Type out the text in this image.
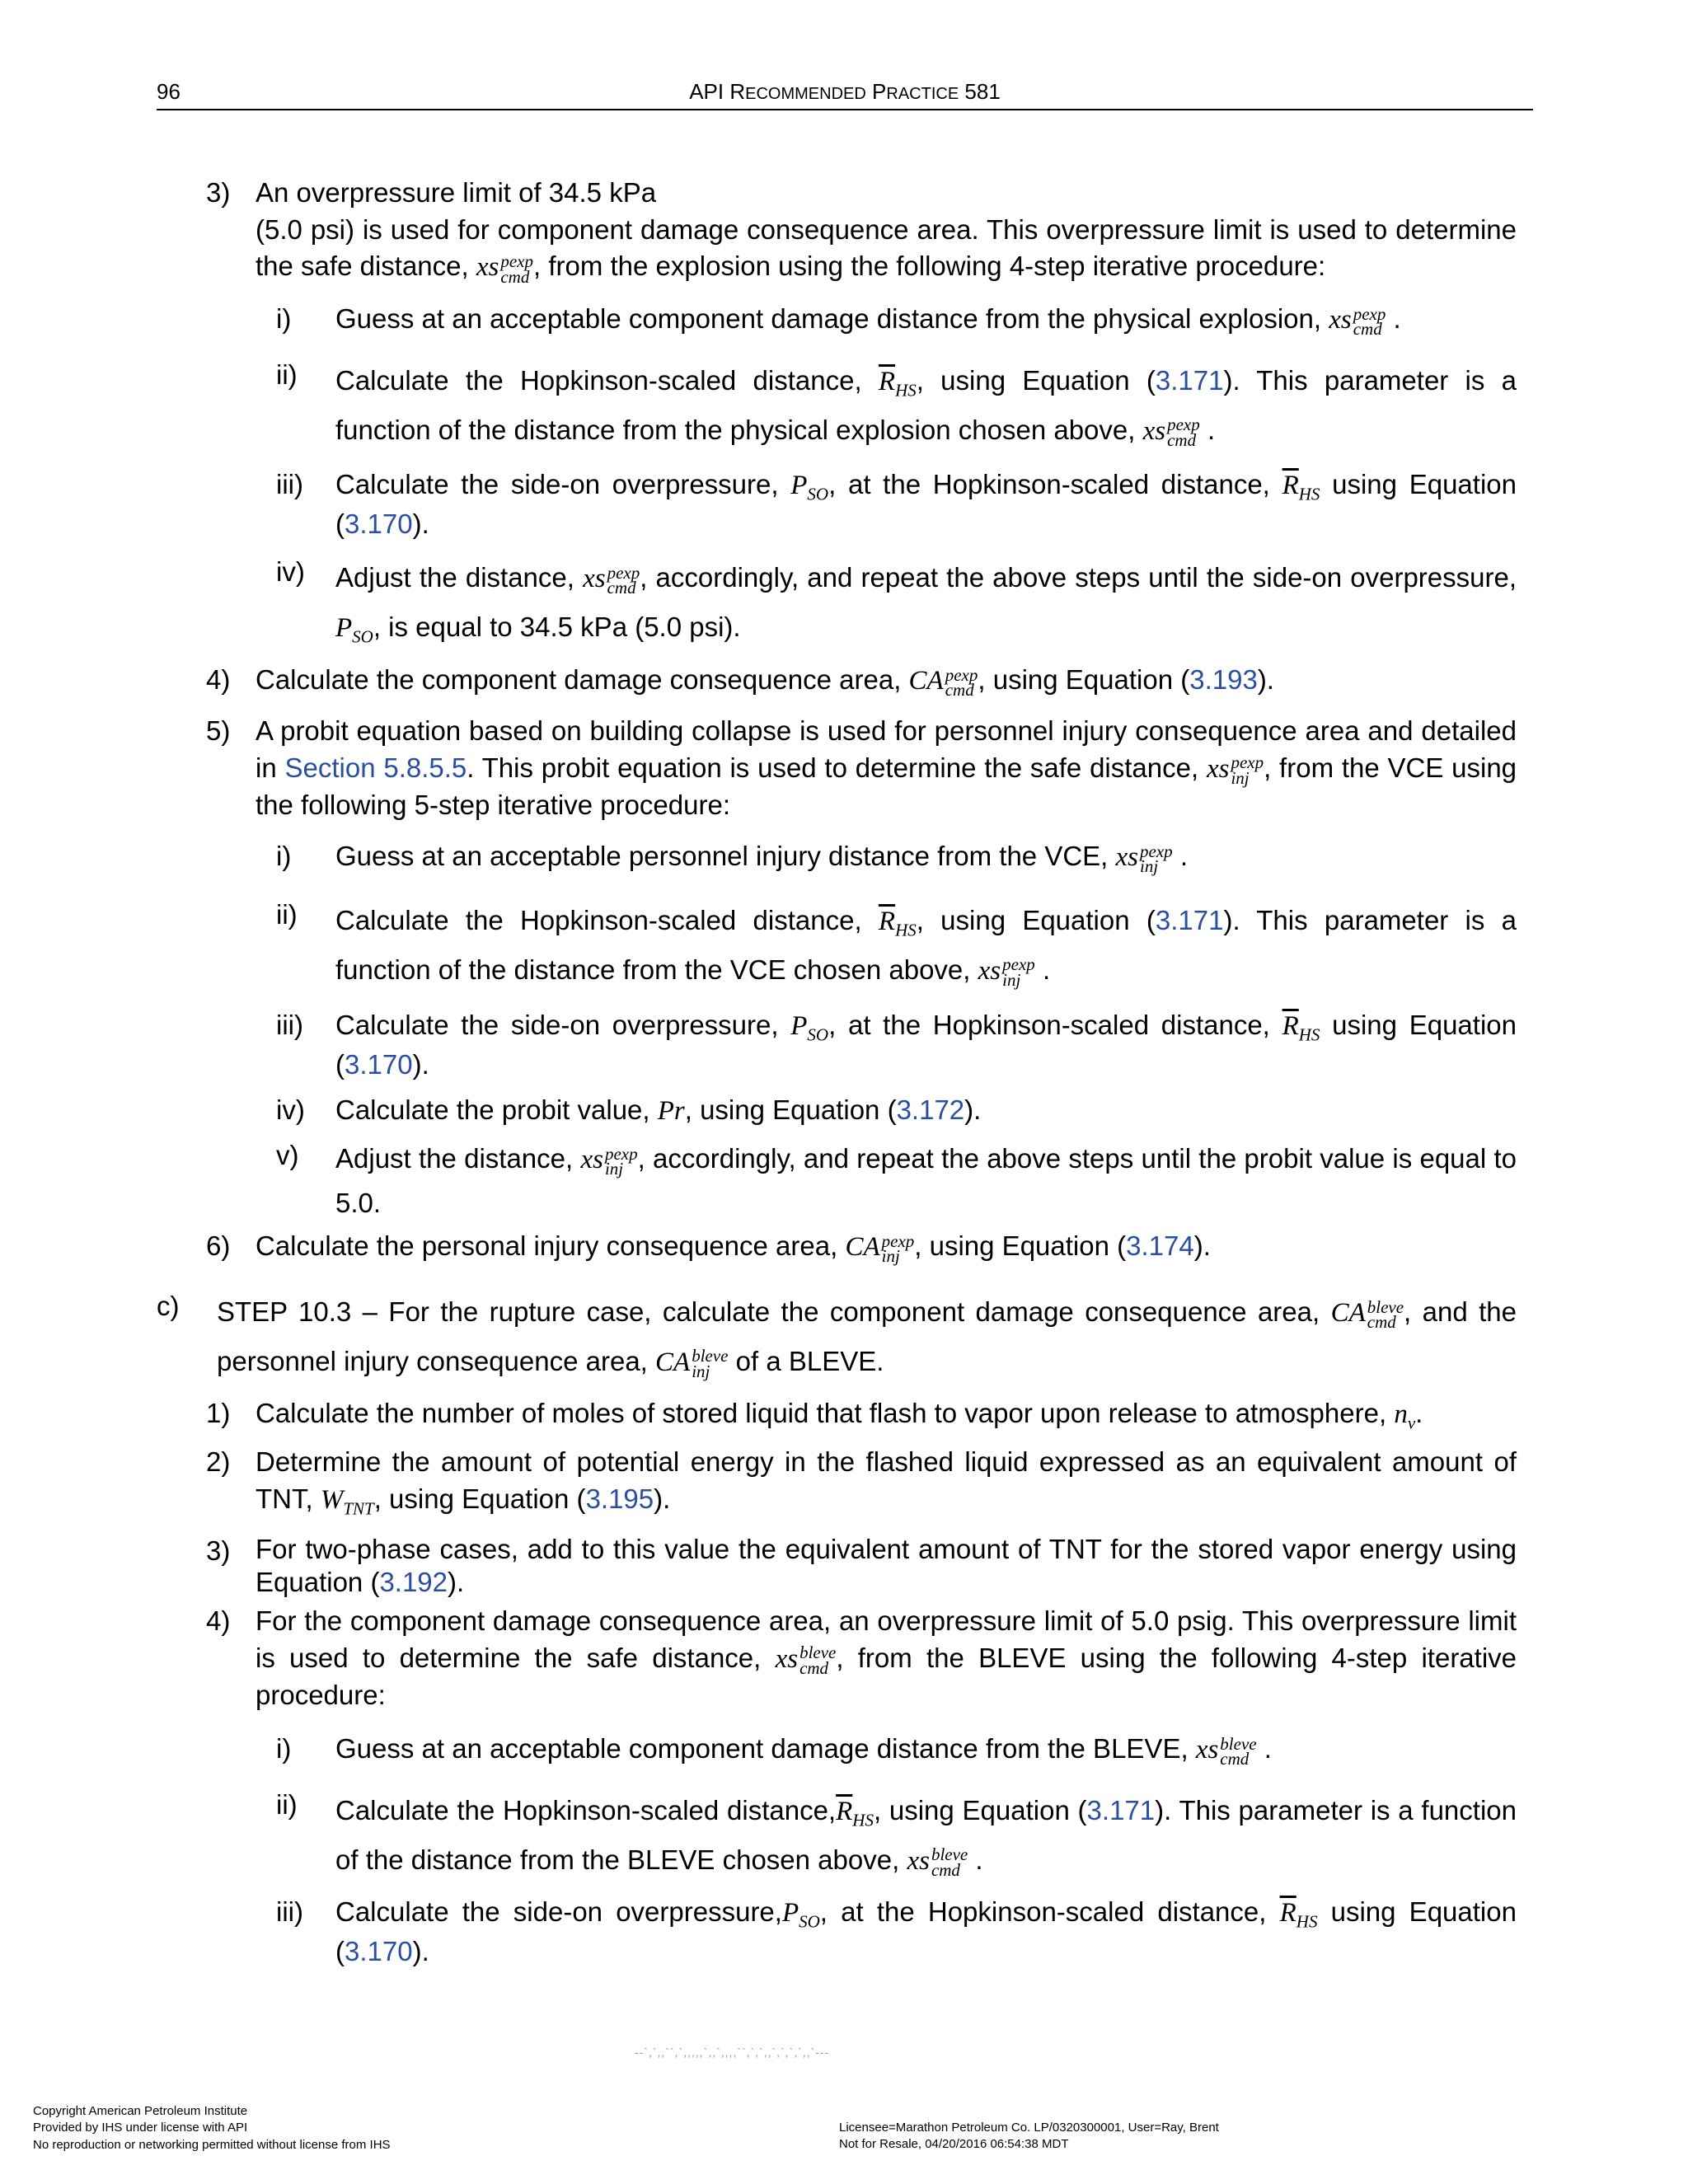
96	API RECOMMENDED PRACTICE 581
3) An overpressure limit of 34.5 kPa
(5.0 psi) is used for component damage consequence area. This overpressure limit is used to determine the safe distance, xs pexp
cmd , from the explosion using the following 4-step iterative procedure:
i) Guess at an acceptable component damage distance from the physical explosion, xs pexp
cmd .
ii) Calculate the Hopkinson-scaled distance, $\overline{R}_{HS}$, using Equation (3.171). This parameter is a function of the distance from the physical explosion chosen above, xs pexp
cmd .
iii) Calculate the side-on overpressure, $P_{SO}$, at the Hopkinson-scaled distance, $\overline{R}_{HS}$ using Equation (3.170).
iv) Adjust the distance, xs pexp
cmd , accordingly, and repeat the above steps until the side-on overpressure, $P_{SO}$, is equal to 34.5 kPa (5.0 psi).
4) Calculate the component damage consequence area, CA pexp
cmd , using Equation (3.193).
5) A probit equation based on building collapse is used for personnel injury consequence area and detailed in Section 5.8.5.5. This probit equation is used to determine the safe distance, xs pexp
inj , from the VCE using the following 5-step iterative procedure:
i) Guess at an acceptable personnel injury distance from the VCE, xs pexp
inj .
ii) Calculate the Hopkinson-scaled distance, $\overline{R}_{HS}$, using Equation (3.171). This parameter is a function of the distance from the VCE chosen above, xs pexp
inj .
iii) Calculate the side-on overpressure, $P_{SO}$, at the Hopkinson-scaled distance, $\overline{R}_{HS}$ using Equation (3.170).
iv) Calculate the probit value, Pr, using Equation (3.172).
v) Adjust the distance, xs pexp
inj , accordingly, and repeat the above steps until the probit value is equal to 5.0.
6) Calculate the personal injury consequence area, CA pexp
inj , using Equation (3.174).
c) STEP 10.3 – For the rupture case, calculate the component damage consequence area, CA bleve
cmd , and the personnel injury consequence area, CA bleve
inj of a BLEVE.
1) Calculate the number of moles of stored liquid that flash to vapor upon release to atmosphere, $n_v$.
2) Determine the amount of potential energy in the flashed liquid expressed as an equivalent amount of TNT, $W_{TNT}$, using Equation (3.195).
3) For two-phase cases, add to this value the equivalent amount of TNT for the stored vapor energy using Equation (3.192).
4) For the component damage consequence area, an overpressure limit of 5.0 psig. This overpressure limit is used to determine the safe distance, xs bleve
cmd , from the BLEVE using the following 4-step iterative procedure:
i) Guess at an acceptable component damage distance from the BLEVE, xs bleve
cmd .
ii) Calculate the Hopkinson-scaled $distance,\overline{R}_{HS}$, using Equation (3.171). This parameter is a function of the distance from the BLEVE chosen above, xs bleve
cmd .
iii) Calculate the side-on $overpressure,P_{SO}$, at the Hopkinson-scaled distance, $\overline{R}_{HS}$ using Equation (3.170).
--`,`,,``,`,,,,,`,,`,,,,``,`,`,,`,`,`,`,,`---
Copyright American Petroleum Institute
Provided by IHS under license with API
No reproduction or networking permitted without license from IHS
Licensee=Marathon Petroleum Co. LP/0320300001, User=Ray, Brent
Not for Resale, 04/20/2016 06:54:38 MDT
